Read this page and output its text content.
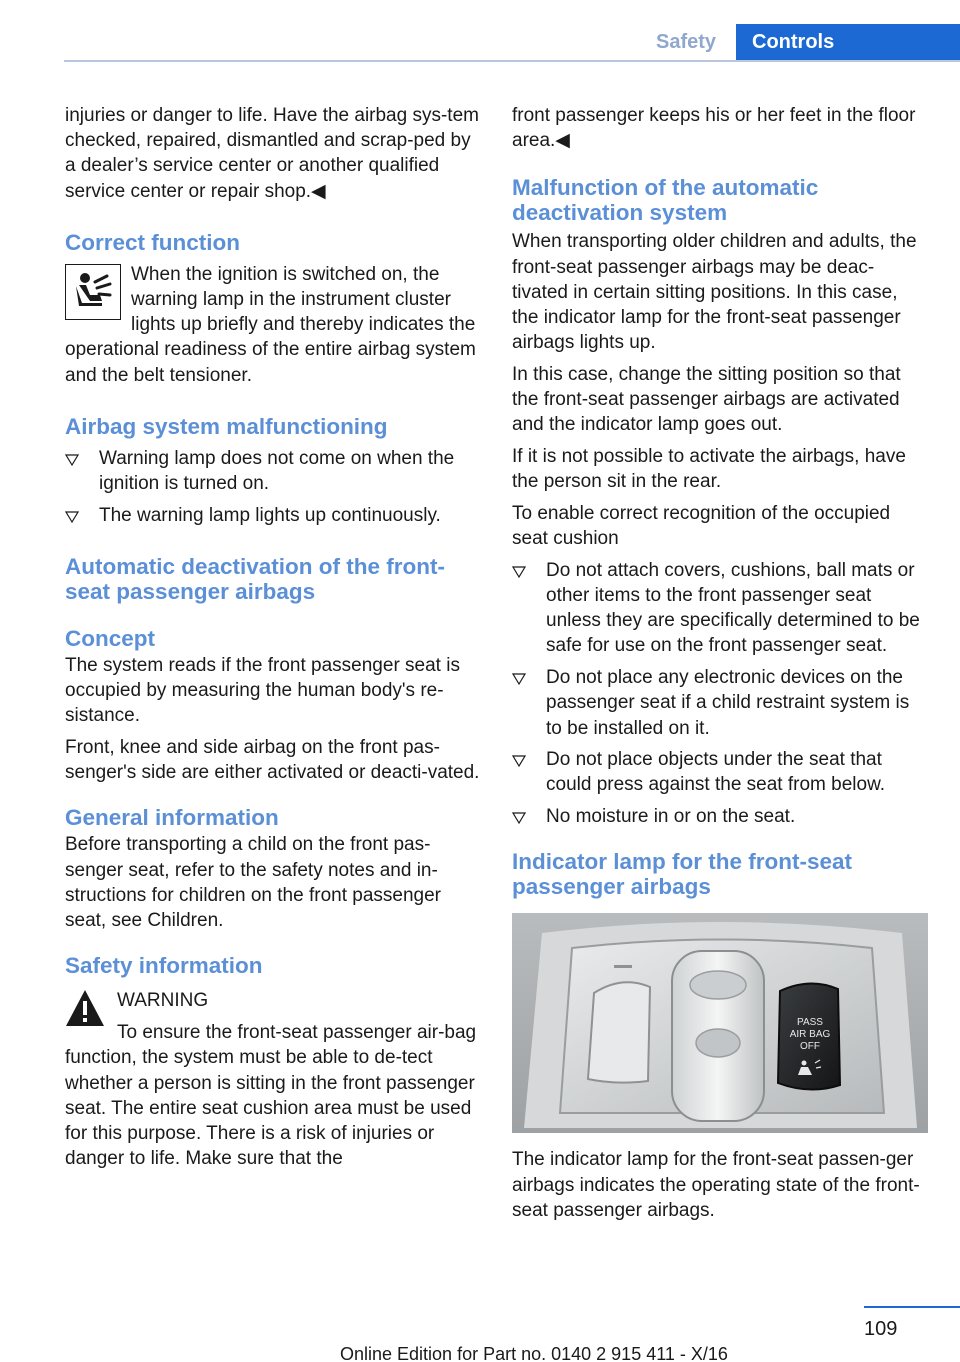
Safety	Controls

injuries or danger to life. Have the airbag sys‐tem checked, repaired, dismantled and scrap‐ped by a dealer’s service center or another qualified service center or repair shop.◀

Correct function

When the ignition is switched on, the warning lamp in the instrument cluster lights up briefly and thereby indicates the operational readiness of the entire airbag system and the belt tensioner.

Airbag system malfunctioning
Warning lamp does not come on when the ignition is turned on.
The warning lamp lights up continuously.
Automatic deactivation of the front‐seat passenger airbags
Concept

The system reads if the front passenger seat is occupied by measuring the human body's re‐sistance.

Front, knee and side airbag on the front pas‐senger's side are either activated or deacti‐vated.

General information

Before transporting a child on the front pas‐senger seat, refer to the safety notes and in‐structions for children on the front passenger seat, see Children.

Safety information
WARNING

To ensure the front-seat passenger air‐bag function, the system must be able to de‐tect whether a person is sitting in the front passenger seat. The entire seat cushion area must be used for this purpose. There is a risk of injuries or danger to life. Make sure that the

front passenger keeps his or her feet in the floor area.◀

Malfunction of the automatic deactivation system

When transporting older children and adults, the front-seat passenger airbags may be deac‐tivated in certain sitting positions. In this case, the indicator lamp for the front-seat passenger airbags lights up.

In this case, change the sitting position so that the front-seat passenger airbags are activated and the indicator lamp goes out.

If it is not possible to activate the airbags, have the person sit in the rear.

To enable correct recognition of the occupied seat cushion

Do not attach covers, cushions, ball mats or other items to the front passenger seat unless they are specifically determined to be safe for use on the front passenger seat.
Do not place any electronic devices on the passenger seat if a child restraint system is to be installed on it.
Do not place objects under the seat that could press against the seat from below.
No moisture in or on the seat.
Indicator lamp for the front-seat passenger airbags
PASS
AIR BAG
OFF

The indicator lamp for the front-seat passen‐ger airbags indicates the operating state of the front-seat passenger airbags.

109
Online Edition for Part no. 0140 2 915 411 - X/16
